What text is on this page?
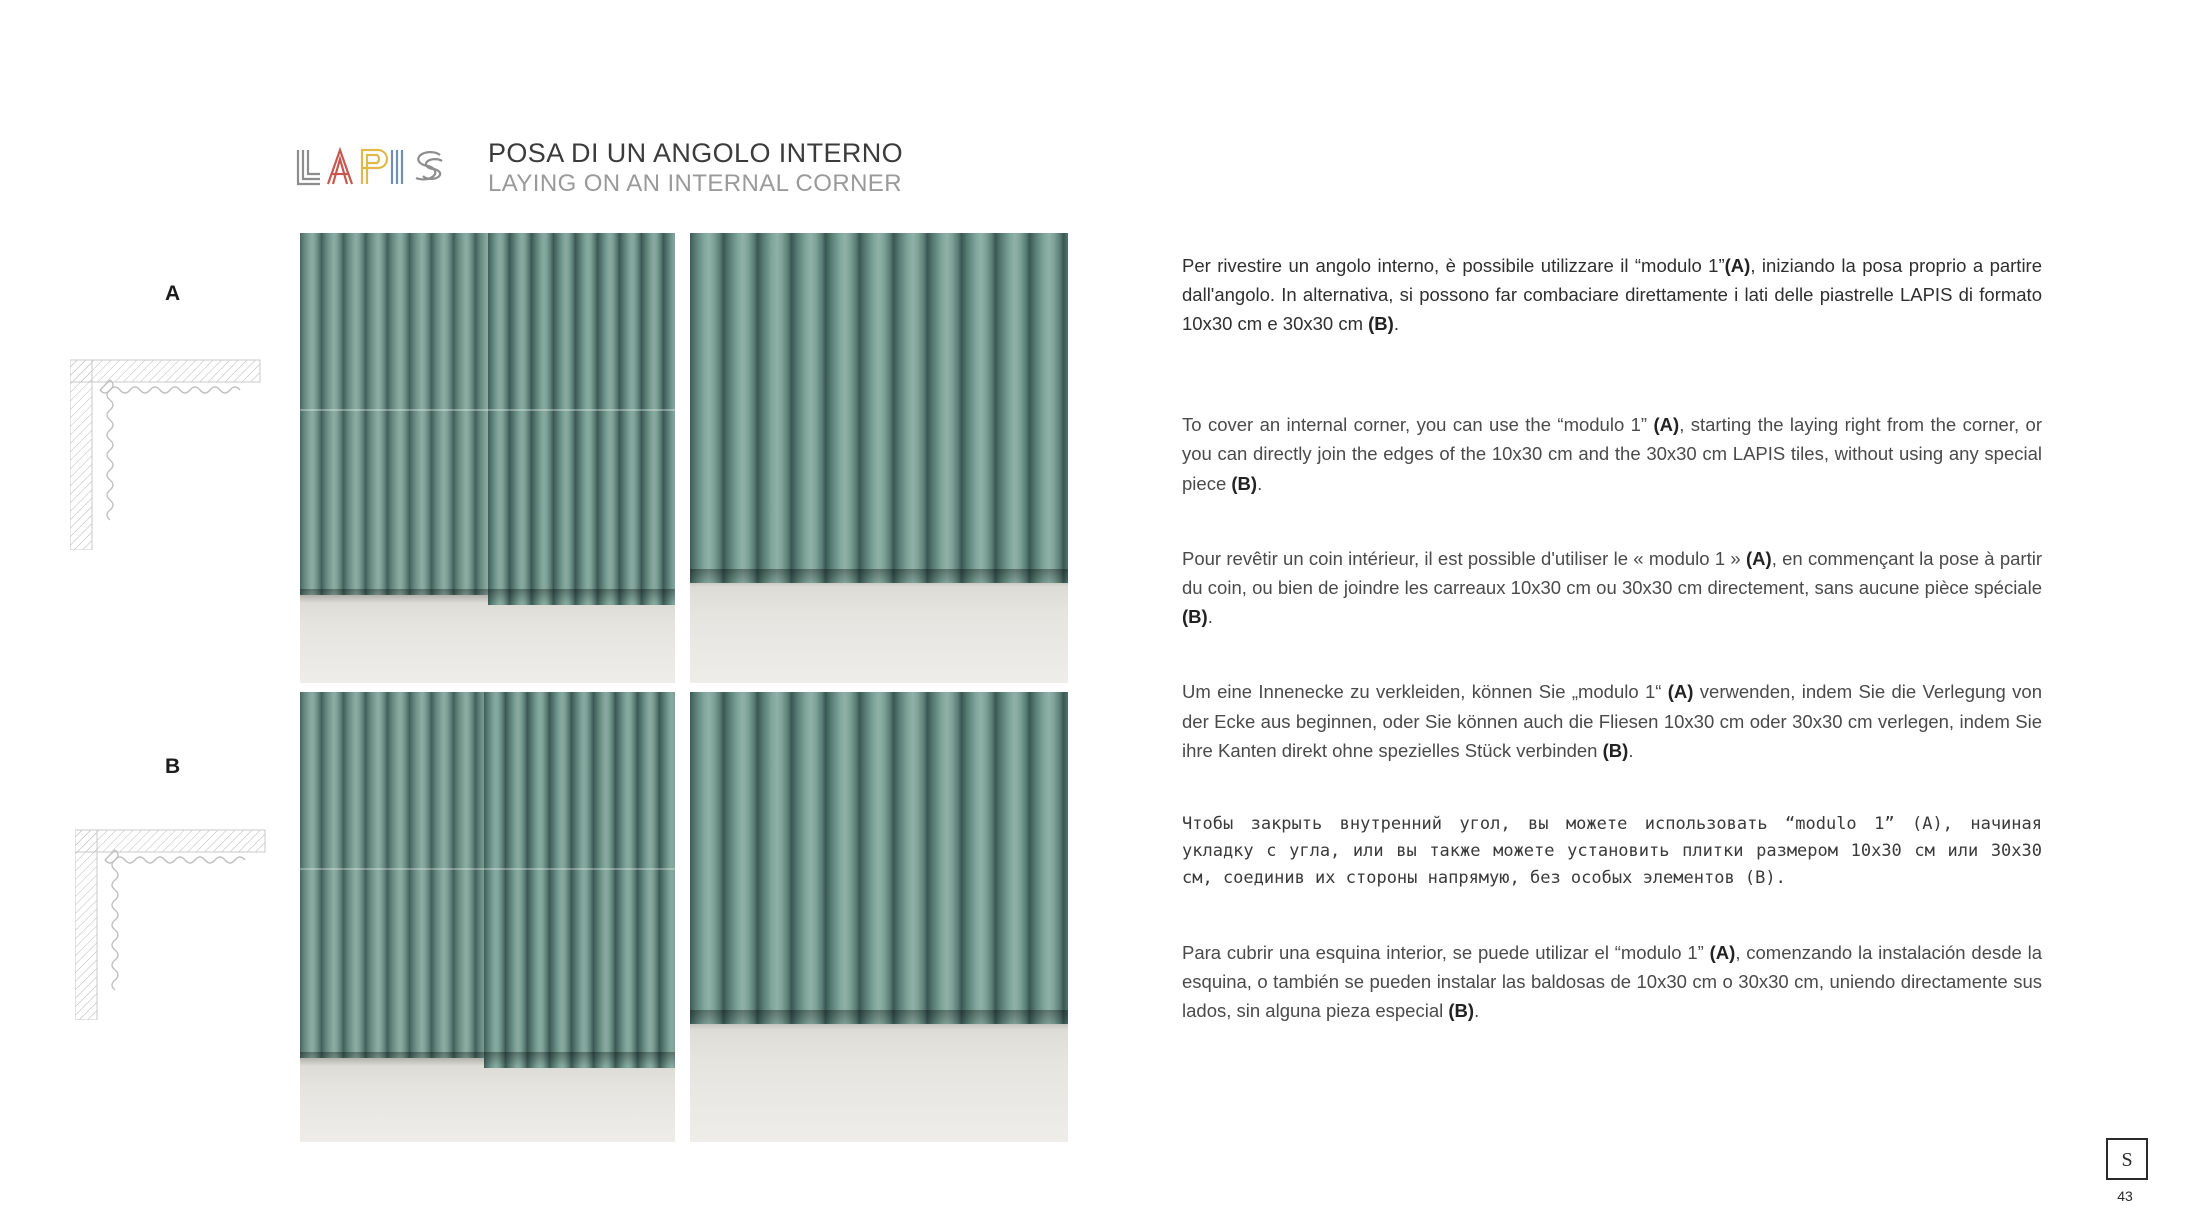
POSA DI UN ANGOLO INTERNO
LAYING ON AN INTERNAL CORNER
A
B

Per rivestire un angolo interno, è possibile utilizzare il “modulo 1”(A), iniziando la posa proprio a partire dall'angolo. In alternativa, si possono far combaciare direttamente i lati delle piastrelle LAPIS di formato 10x30 cm e 30x30 cm (B).

To cover an internal corner, you can use the “modulo 1” (A), starting the laying right from the corner, or you can directly join the edges of the 10x30 cm and the 30x30 cm LAPIS tiles, without using any special piece (B).

Pour revêtir un coin intérieur, il est possible d'utiliser le « modulo 1 » (A), en commençant la pose à partir du coin, ou bien de joindre les carreaux 10x30 cm ou 30x30 cm directement, sans aucune pièce spéciale (B).

Um eine Innenecke zu verkleiden, können Sie „modulo 1“ (A) verwenden, indem Sie die Verlegung von der Ecke aus beginnen, oder Sie können auch die Fliesen 10x30 cm oder 30x30 cm verlegen, indem Sie ihre Kanten direkt ohne spezielles Stück verbinden (B).

Чтобы закрыть внутренний угол, вы можете использовать “modulo 1” (A), начиная укладку с угла, или вы также можете установить плитки размером 10x30 см или 30x30 см, соединив их стороны напрямую, без особых элементов (B).

Para cubrir una esquina interior, se puede utilizar el “modulo 1” (A), comenzando la instalación desde la esquina, o también se pueden instalar las baldosas de 10x30 cm o 30x30 cm, uniendo directamente sus lados, sin alguna pieza especial (B).

S
43
